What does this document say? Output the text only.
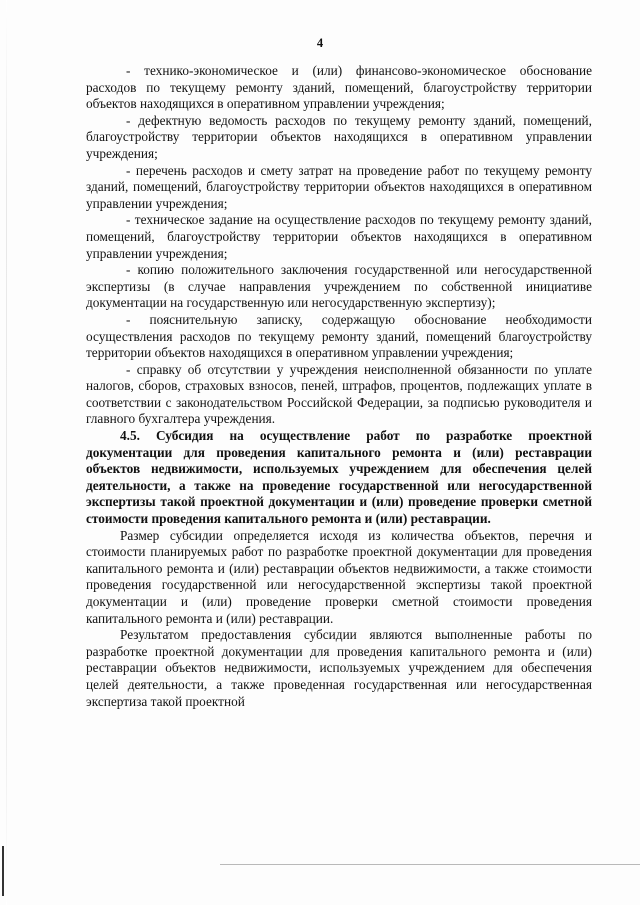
4

- технико-экономическое и (или) финансово-экономическое обоснование расходов по текущему ремонту зданий, помещений, благоустройству территории объектов находящихся в оперативном управлении учреждения;

- дефектную ведомость расходов по текущему ремонту зданий, помещений, благоустройству территории объектов находящихся в оперативном управлении учреждения;

- перечень расходов и смету затрат на проведение работ по текущему ремонту зданий, помещений, благоустройству территории объектов находящихся в оперативном управлении учреждения;

- техническое задание на осуществление расходов по текущему ремонту зданий, помещений, благоустройству территории объектов находящихся в оперативном управлении учреждения;

- копию положительного заключения государственной или негосударственной экспертизы (в случае направления учреждением по собственной инициативе документации на государственную или негосударственную экспертизу);

- пояснительную записку, содержащую обоснование необходимости осуществления расходов по текущему ремонту зданий, помещений благоустройству территории объектов находящихся в оперативном управлении учреждения;

- справку об отсутствии у учреждения неисполненной обязанности по уплате налогов, сборов, страховых взносов, пеней, штрафов, процентов, подлежащих уплате в соответствии с законодательством Российской Федерации, за подписью руководителя и главного бухгалтера учреждения.

4.5. Субсидия на осуществление работ по разработке проектной документации для проведения капитального ремонта и (или) реставрации объектов недвижимости, используемых учреждением для обеспечения целей деятельности, а также на проведение государственной или негосударственной экспертизы такой проектной документации и (или) проведение проверки сметной стоимости проведения капитального ремонта и (или) реставрации.

Размер субсидии определяется исходя из количества объектов, перечня и стоимости планируемых работ по разработке проектной документации для проведения капитального ремонта и (или) реставрации объектов недвижимости, а также стоимости проведения государственной или негосударственной экспертизы такой проектной документации и (или) проведение проверки сметной стоимости проведения капитального ремонта и (или) реставрации.

Результатом предоставления субсидии являются выполненные работы по разработке проектной документации для проведения капитального ремонта и (или) реставрации объектов недвижимости, используемых учреждением для обеспечения целей деятельности, а также проведенная государственная или негосударственная экспертиза такой проектной
